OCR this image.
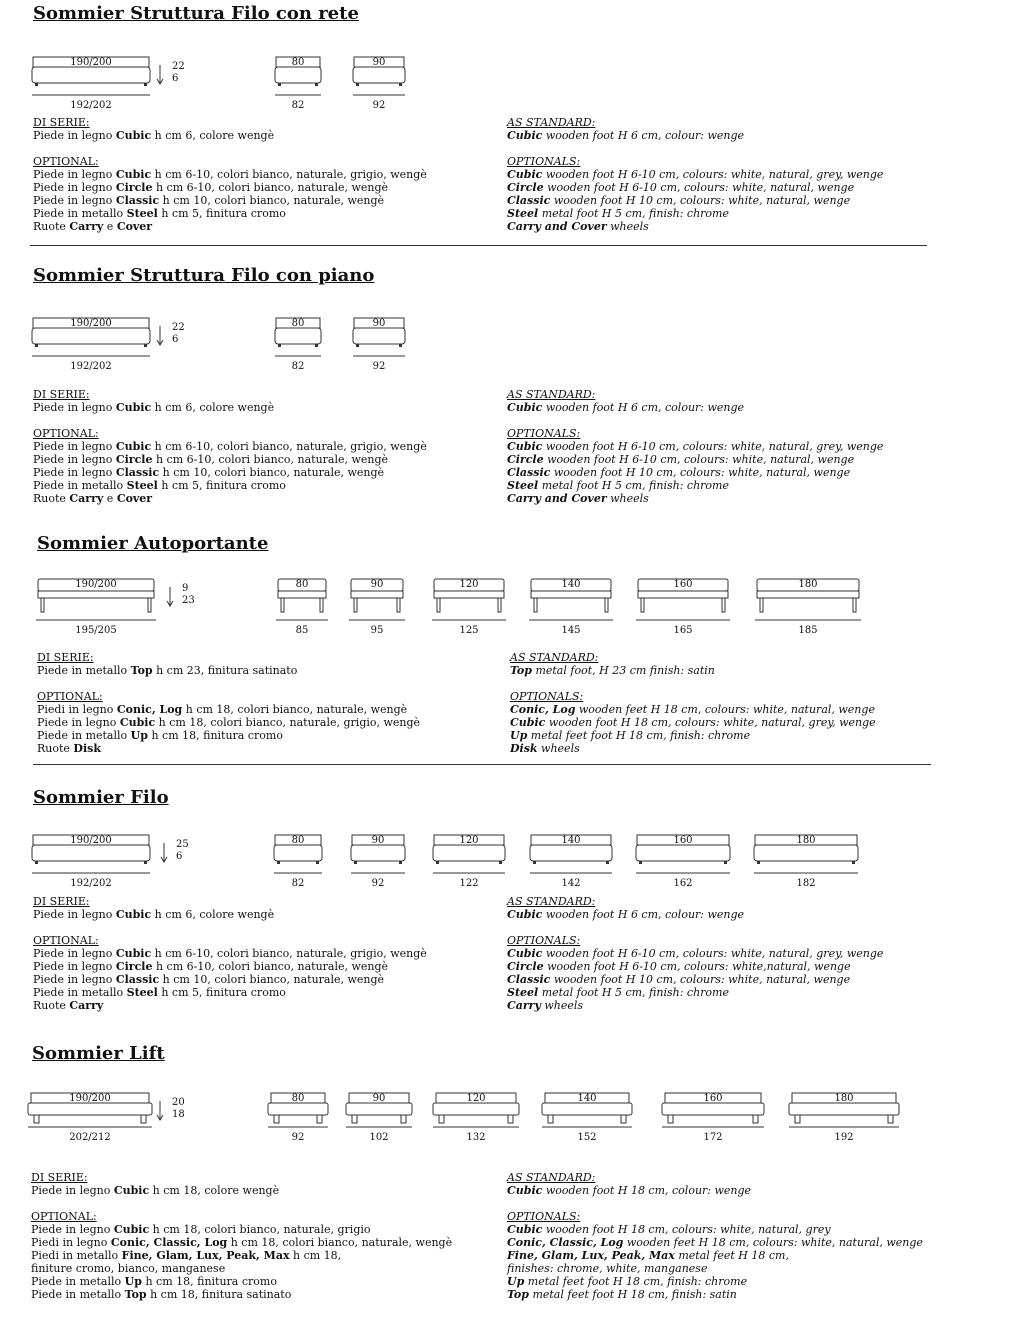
Sommier Struttura Filo con rete
190/200
192/202
22
6
80
82
90
92
DI SERIE:
Piede in legno Cubic h cm 6, colore wengè
OPTIONAL:
Piede in legno Cubic h cm 6-10, colori bianco, naturale, grigio, wengè
Piede in legno Circle h cm 6-10, colori bianco, naturale, wengè
Piede in legno Classic h cm 10, colori bianco, naturale, wengè
Piede in metallo Steel h cm 5, finitura cromo
Ruote Carry e Cover
AS STANDARD:
Cubic wooden foot H 6 cm, colour: wenge
OPTIONALS:
Cubic wooden foot H 6-10 cm, colours: white, natural, grey, wenge
Circle wooden foot H 6-10 cm, colours: white, natural, wenge
Classic wooden foot H 10 cm, colours: white, natural, wenge
Steel metal foot H 5 cm, finish: chrome
Carry and Cover wheels
Sommier Struttura Filo con piano
190/200
192/202
22
6
80
82
90
92
DI SERIE:
Piede in legno Cubic h cm 6, colore wengè
OPTIONAL:
Piede in legno Cubic h cm 6-10, colori bianco, naturale, grigio, wengè
Piede in legno Circle h cm 6-10, colori bianco, naturale, wengè
Piede in legno Classic h cm 10, colori bianco, naturale, wengè
Piede in metallo Steel h cm 5, finitura cromo
Ruote Carry e Cover
AS STANDARD:
Cubic wooden foot H 6 cm, colour: wenge
OPTIONALS:
Cubic wooden foot H 6-10 cm, colours: white, natural, grey, wenge
Circle wooden foot H 6-10 cm, colours: white, natural, wenge
Classic wooden foot H 10 cm, colours: white, natural, wenge
Steel metal foot H 5 cm, finish: chrome
Carry and Cover wheels
Sommier Autoportante
190/200
195/205
9
23
80
85
90
95
120
125
140
145
160
165
180
185
DI SERIE:
Piede in metallo Top h cm 23, finitura satinato
OPTIONAL:
Piedi in legno Conic, Log h cm 18, colori bianco, naturale, wengè
Piede in legno Cubic h cm 18, colori bianco, naturale, grigio, wengè
Piede in metallo Up h cm 18, finitura cromo
Ruote Disk
AS STANDARD:
Top metal foot, H 23 cm finish: satin
OPTIONALS:
Conic, Log wooden feet H 18 cm, colours: white, natural, wenge
Cubic wooden foot H 18 cm, colours: white, natural, grey, wenge
Up metal feet foot H 18 cm, finish: chrome
Disk wheels
Sommier Filo
190/200
192/202
25
6
80
82
90
92
120
122
140
142
160
162
180
182
DI SERIE:
Piede in legno Cubic h cm 6, colore wengè
OPTIONAL:
Piede in legno Cubic h cm 6-10, colori bianco, naturale, grigio, wengè
Piede in legno Circle h cm 6-10, colori bianco, naturale, wengè
Piede in legno Classic h cm 10, colori bianco, naturale, wengè
Piede in metallo Steel h cm 5, finitura cromo
Ruote Carry
AS STANDARD:
Cubic wooden foot H 6 cm, colour: wenge
OPTIONALS:
Cubic wooden foot H 6-10 cm, colours: white, natural, grey, wenge
Circle wooden foot H 6-10 cm, colours: white,natural, wenge
Classic wooden foot H 10 cm, colours: white, natural, wenge
Steel metal foot H 5 cm, finish: chrome
Carry wheels
Sommier Lift
190/200
202/212
20
18
80
92
90
102
120
132
140
152
160
172
180
192
DI SERIE:
Piede in legno Cubic h cm 18, colore wengè
OPTIONAL:
Piede in legno Cubic h cm 18, colori bianco, naturale, grigio
Piedi in legno Conic, Classic, Log h cm 18, colori bianco, naturale, wengè
Piedi in metallo Fine, Glam, Lux, Peak, Max h cm 18,
finiture cromo, bianco, manganese
Piede in metallo Up h cm 18, finitura cromo
Piede in metallo Top h cm 18, finitura satinato
AS STANDARD:
Cubic wooden foot H 18 cm, colour: wenge
OPTIONALS:
Cubic wooden foot H 18 cm, colours: white, natural, grey
Conic, Classic, Log wooden feet H 18 cm, colours: white, natural, wenge
Fine, Glam, Lux, Peak, Max metal feet H 18 cm,
finishes: chrome, white, manganese
Up metal feet foot H 18 cm, finish: chrome
Top metal feet foot H 18 cm, finish: satin
